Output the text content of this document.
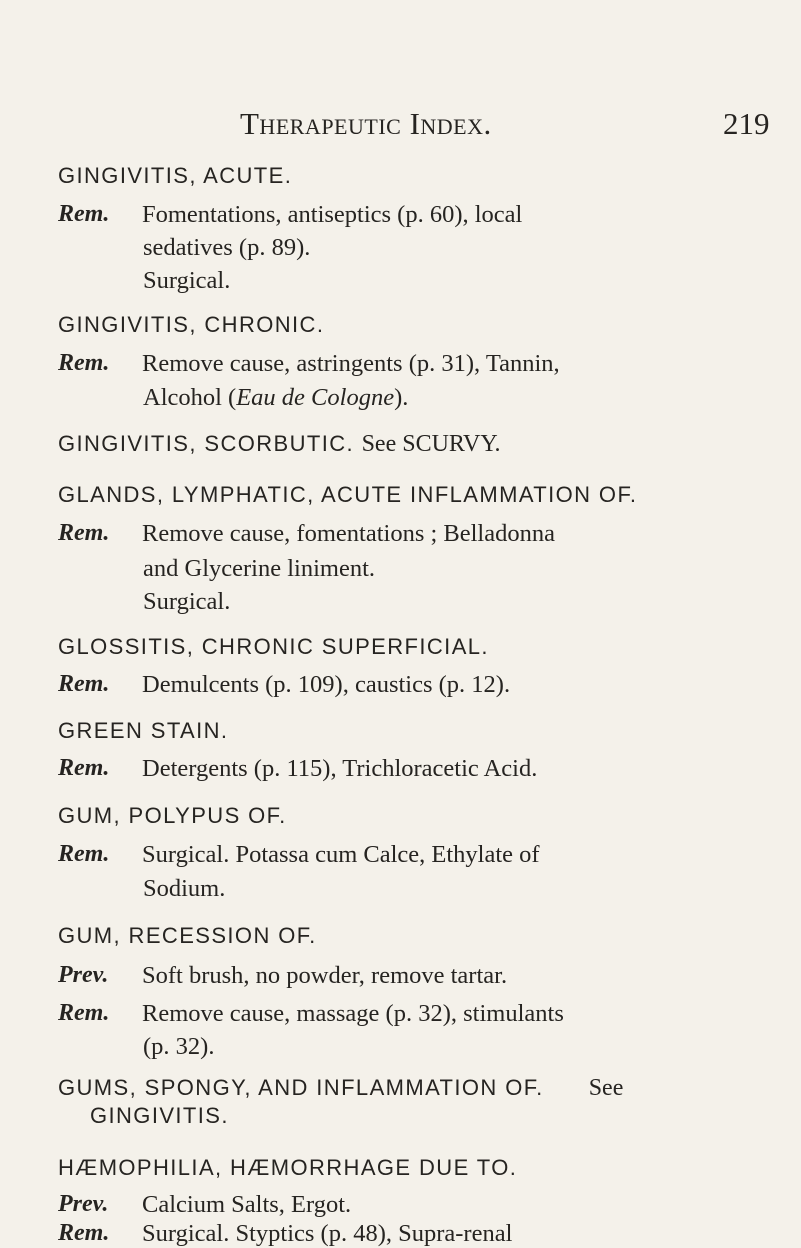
Therapeutic Index.	219
GINGIVITIS, ACUTE.
Rem. Fomentations, antiseptics (p. 60), local
sedatives (p. 89).
Surgical.
GINGIVITIS, CHRONIC.
Rem. Remove cause, astringents (p. 31), Tannin,
Alcohol (Eau de Cologne).
GINGIVITIS, SCORBUTIC. See SCURVY.
GLANDS, LYMPHATIC, ACUTE INFLAMMATION OF.
Rem. Remove cause, fomentations ; Belladonna
and Glycerine liniment.
Surgical.
GLOSSITIS, CHRONIC SUPERFICIAL.
Rem. Demulcents (p. 109), caustics (p. 12).
GREEN STAIN.
Rem. Detergents (p. 115), Trichloracetic Acid.
GUM, POLYPUS OF.
Rem. Surgical. Potassa cum Calce, Ethylate of
Sodium.
GUM, RECESSION OF.
Prev. Soft brush, no powder, remove tartar.
Rem. Remove cause, massage (p. 32), stimulants
(p. 32).
GUMS, SPONGY, AND INFLAMMATION OF. See
GINGIVITIS.
HÆMOPHILIA, HÆMORRHAGE DUE TO.
Prev. Calcium Salts, Ergot.
Rem. Surgical. Styptics (p. 48), Supra-renal
